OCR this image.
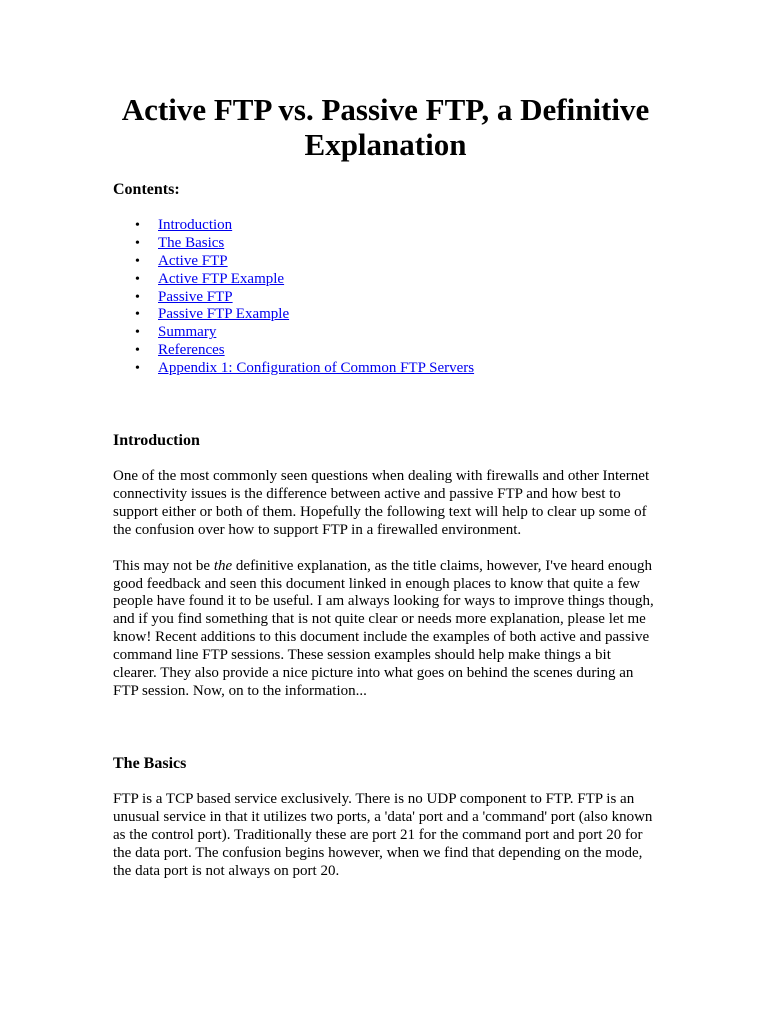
Active FTP vs. Passive FTP, a Definitive Explanation
Contents:
• Introduction
• The Basics
• Active FTP
• Active FTP Example
• Passive FTP
• Passive FTP Example
• Summary
• References
• Appendix 1: Configuration of Common FTP Servers
Introduction

One of the most commonly seen questions when dealing with firewalls and other Internet connectivity issues is the difference between active and passive FTP and how best to support either or both of them. Hopefully the following text will help to clear up some of the confusion over how to support FTP in a firewalled environment.

This may not be the definitive explanation, as the title claims, however, I've heard enough good feedback and seen this document linked in enough places to know that quite a few people have found it to be useful. I am always looking for ways to improve things though, and if you find something that is not quite clear or needs more explanation, please let me know! Recent additions to this document include the examples of both active and passive command line FTP sessions. These session examples should help make things a bit clearer. They also provide a nice picture into what goes on behind the scenes during an FTP session. Now, on to the information...

The Basics

FTP is a TCP based service exclusively. There is no UDP component to FTP. FTP is an unusual service in that it utilizes two ports, a 'data' port and a 'command' port (also known as the control port). Traditionally these are port 21 for the command port and port 20 for the data port. The confusion begins however, when we find that depending on the mode, the data port is not always on port 20.
